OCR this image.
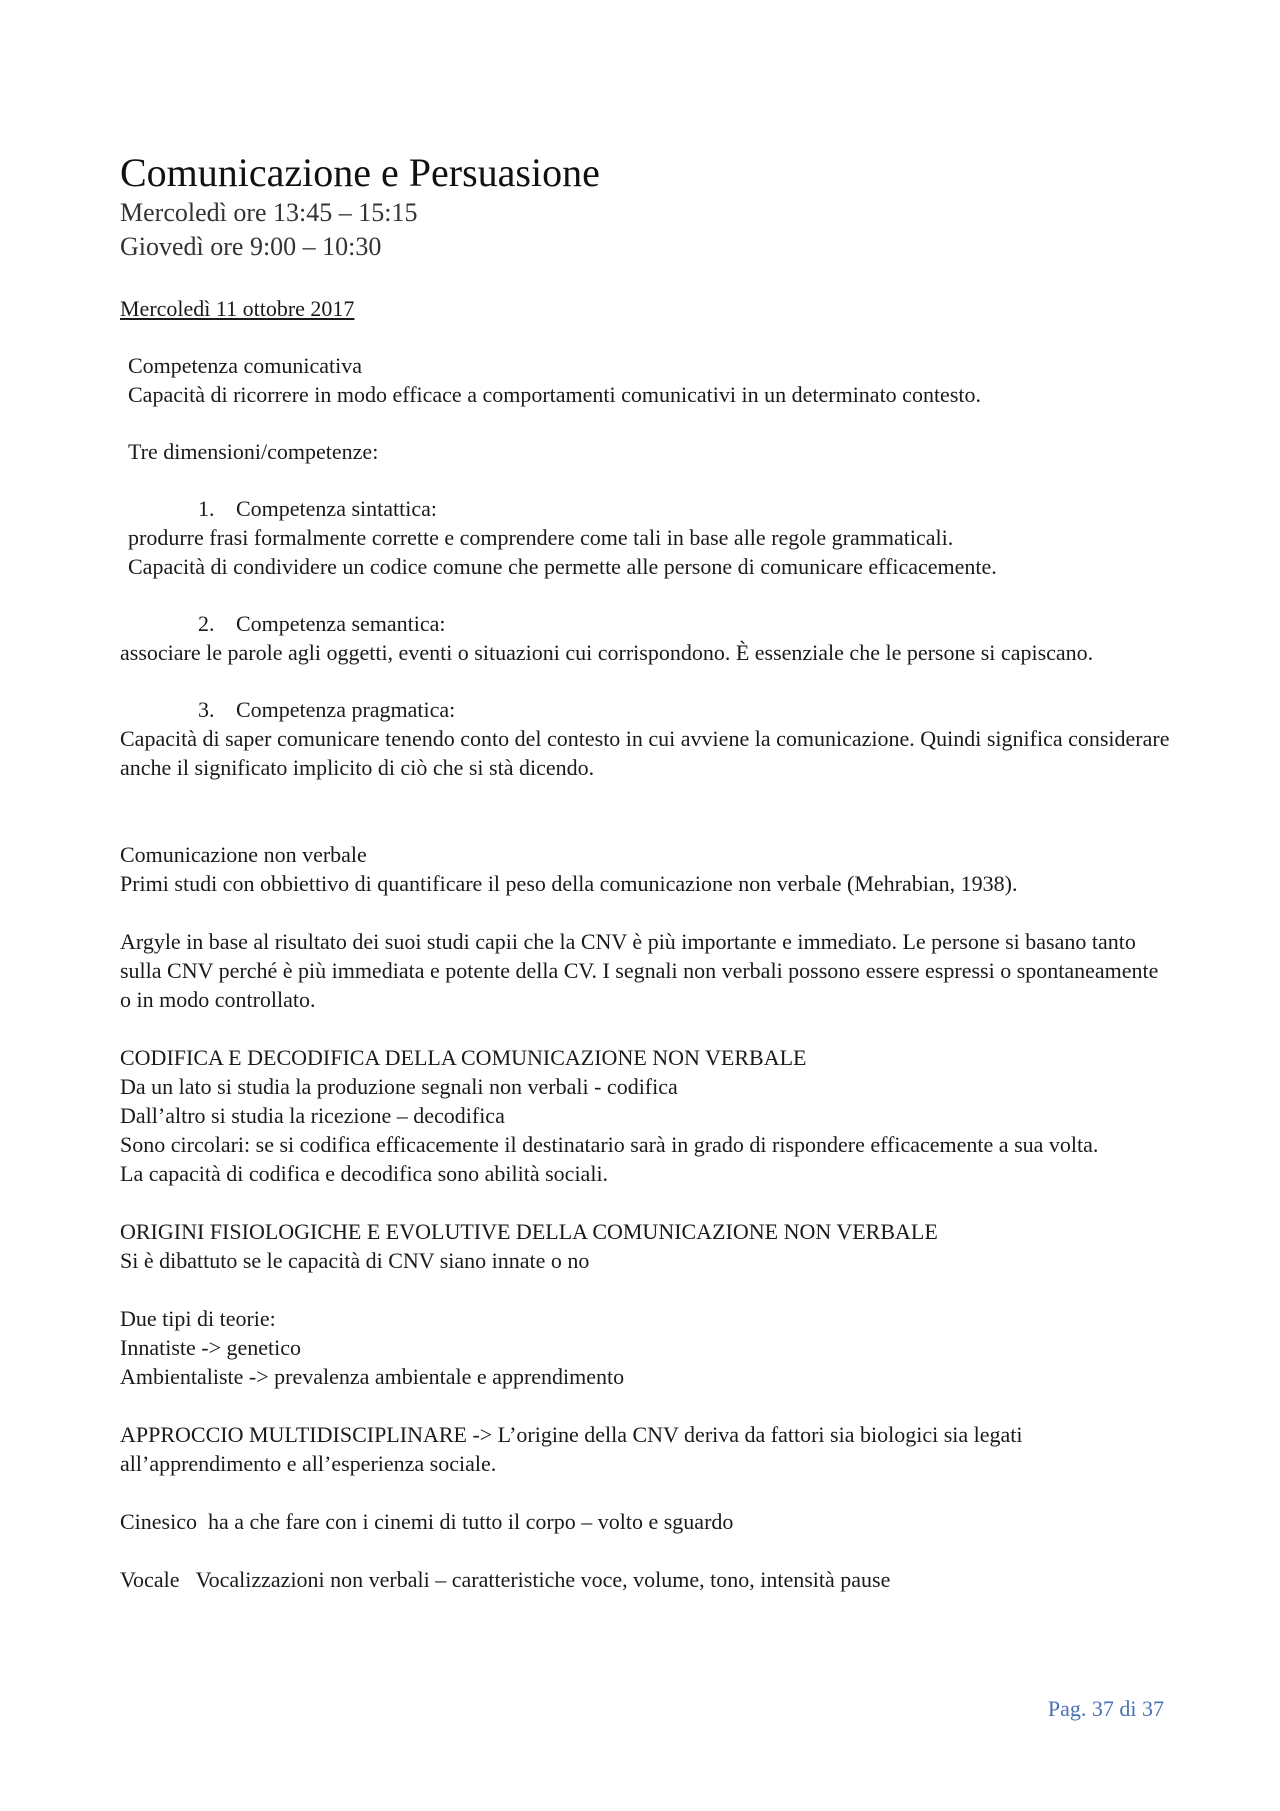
Comunicazione e Persuasione
Mercoledì ore 13:45 – 15:15
Giovedì ore 9:00 – 10:30

Mercoledì 11 ottobre 2017

Competenza comunicativa

Capacità di ricorrere in modo efficace a comportamenti comunicativi in un determinato contesto.

Tre dimensioni/competenze:

1. Competenza sintattica:

produrre frasi formalmente corrette e comprendere come tali in base alle regole grammaticali.

Capacità di condividere un codice comune che permette alle persone di comunicare efficacemente.

2. Competenza semantica:

associare le parole agli oggetti, eventi o situazioni cui corrispondono. È essenziale che le persone si capiscano.

3. Competenza pragmatica:

Capacità di saper comunicare tenendo conto del contesto in cui avviene la comunicazione. Quindi significa considerare anche il significato implicito di ciò che si stà dicendo.

Comunicazione non verbale

Primi studi con obbiettivo di quantificare il peso della comunicazione non verbale (Mehrabian, 1938).

Argyle in base al risultato dei suoi studi capii che la CNV è più importante e immediato. Le persone si basano tanto sulla CNV perché è più immediata e potente della CV. I segnali non verbali possono essere espressi o spontaneamente o in modo controllato.

CODIFICA E DECODIFICA DELLA COMUNICAZIONE NON VERBALE

Da un lato si studia la produzione segnali non verbali - codifica

Dall’altro si studia la ricezione – decodifica

Sono circolari: se si codifica efficacemente il destinatario sarà in grado di rispondere efficacemente a sua volta.

La capacità di codifica e decodifica sono abilità sociali.

ORIGINI FISIOLOGICHE E EVOLUTIVE DELLA COMUNICAZIONE NON VERBALE

Si è dibattuto se le capacità di CNV siano innate o no

Due tipi di teorie:

Innatiste -> genetico

Ambientaliste -> prevalenza ambientale e apprendimento

APPROCCIO MULTIDISCIPLINARE -> L’origine della CNV deriva da fattori sia biologici sia legati all’apprendimento e all’esperienza sociale.

Cinesico ha a che fare con i cinemi di tutto il corpo – volto e sguardo

Vocale Vocalizzazioni non verbali – caratteristiche voce, volume, tono, intensità pause

Pag. 37 di 37
